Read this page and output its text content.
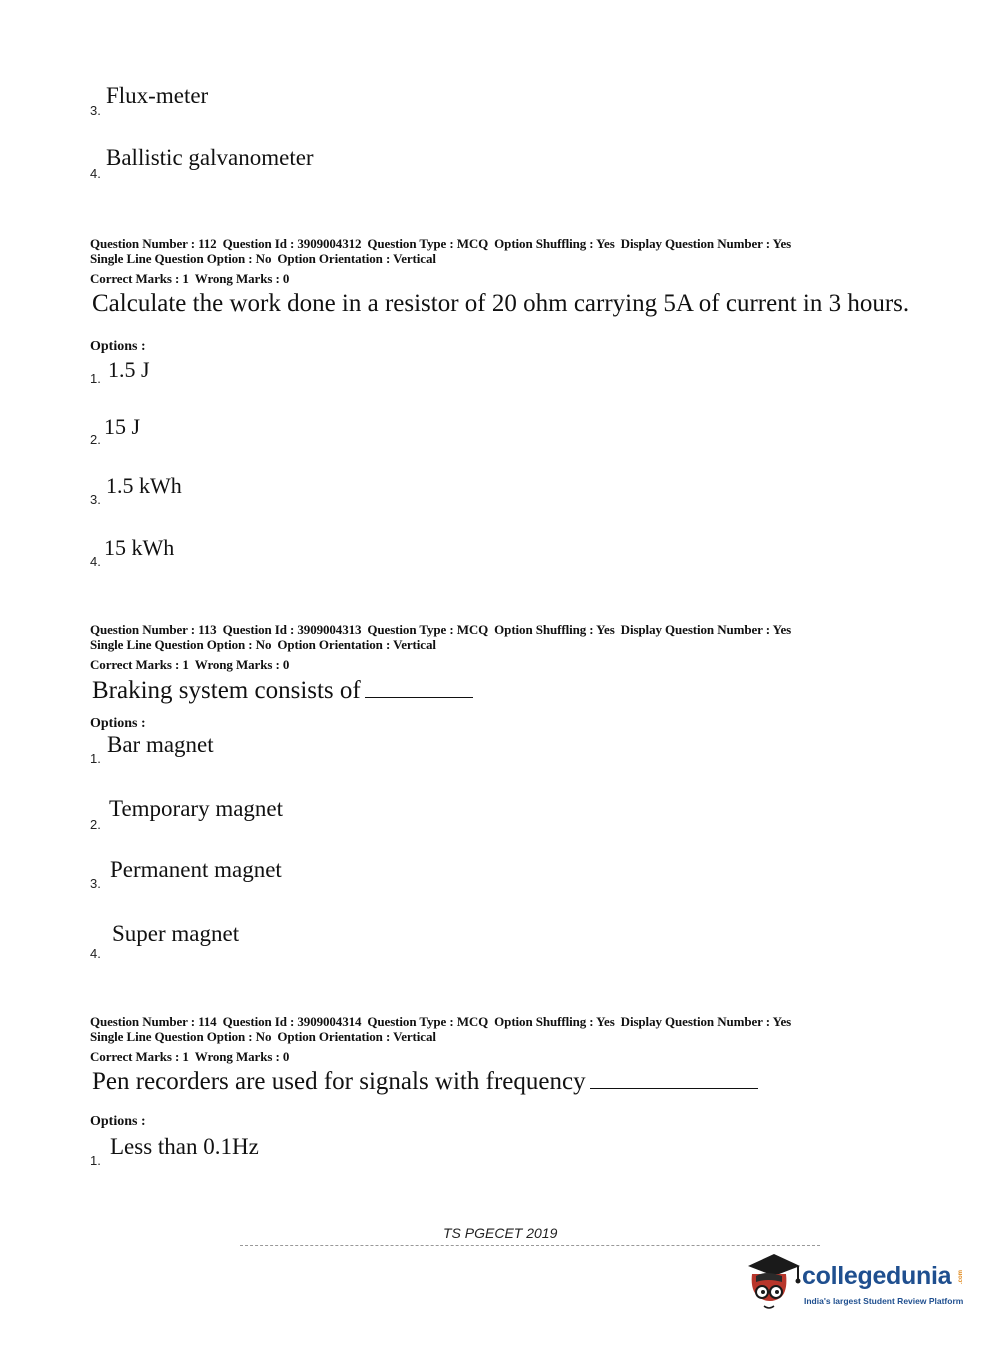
3.
Flux-meter
4.
Ballistic galvanometer
Question Number : 112 Question Id : 3909004312 Question Type : MCQ Option Shuffling : Yes Display Question Number : Yes
Single Line Question Option : No Option Orientation : Vertical
Correct Marks : 1 Wrong Marks : 0
Calculate the work done in a resistor of 20 ohm carrying 5A of current in 3 hours.
Options :
1. 1.5 J
2.
15 J
3.
1.5 kWh
4.
15 kWh
Question Number : 113 Question Id : 3909004313 Question Type : MCQ Option Shuffling : Yes Display Question Number : Yes
Single Line Question Option : No Option Orientation : Vertical
Correct Marks : 1 Wrong Marks : 0
Braking system consists of
Options :
1.
Bar magnet
2.
Temporary magnet
3.
Permanent magnet
4.
Super magnet
Question Number : 114 Question Id : 3909004314 Question Type : MCQ Option Shuffling : Yes Display Question Number : Yes
Single Line Question Option : No Option Orientation : Vertical
Correct Marks : 1 Wrong Marks : 0
Pen recorders are used for signals with frequency
Options :
1.
Less than 0.1Hz
TS PGECET 2019
collegedunia .com
India's largest Student Review Platform
